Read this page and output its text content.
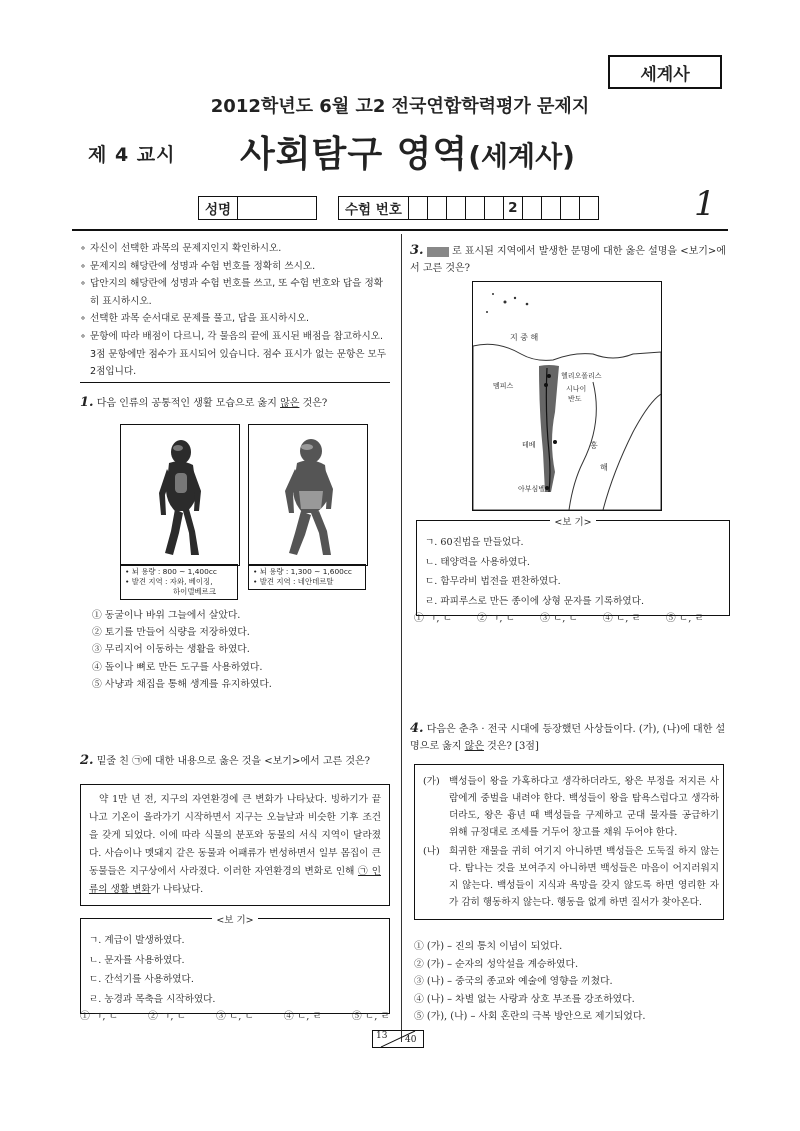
세계사
2012학년도 6월 고2 전국연합학력평가 문제지
제 4 교시 사회탐구 영역(세계사)
성명	수험 번호	2	1
∘ 자신이 선택한 과목의 문제지인지 확인하시오.
∘ 문제지의 해당란에 성명과 수험 번호를 정확히 쓰시오.
∘ 답안지의 해당란에 성명과 수험 번호를 쓰고, 또 수험 번호와 답을 정확히 표시하시오.
∘ 선택한 과목 순서대로 문제를 풀고, 답을 표시하시오.
∘ 문항에 따라 배점이 다르니, 각 물음의 끝에 표시된 배점을 참고하시오. 3점 문항에만 점수가 표시되어 있습니다. 점수 표시가 없는 문항은 모두 2점입니다.
1. 다음 인류의 공통적인 생활 모습으로 옳지 않은 것은?
• 뇌 용량 : 800 ~ 1,400cc
• 발견 지역 : 자와, 베이징,
하이델베르크
• 뇌 용량 : 1,300 ~ 1,600cc
• 발견 지역 : 네안데르탈
① 동굴이나 바위 그늘에서 살았다.
② 토기를 만들어 식량을 저장하였다.
③ 무리지어 이동하는 생활을 하였다.
④ 돌이나 뼈로 만든 도구를 사용하였다.
⑤ 사냥과 채집을 통해 생계를 유지하였다.
2. 밑줄 친 ㉠에 대한 내용으로 옳은 것을 <보기>에서 고른 것은?
약 1만 년 전, 지구의 자연환경에 큰 변화가 나타났다. 빙하기가 끝나고 기온이 올라가기 시작하면서 지구는 오늘날과 비슷한 기후 조건을 갖게 되었다. 이에 따라 식물의 분포와 동물의 서식 지역이 달라졌다. 사슴이나 멧돼지 같은 동물과 어패류가 번성하면서 일부 몸집이 큰 동물들은 지구상에서 사라졌다. 이러한 자연환경의 변화로 인해 ㉠ 인류의 생활 변화가 나타났다.
<보 기>
ㄱ. 계급이 발생하였다.
ㄴ. 문자를 사용하였다.
ㄷ. 간석기를 사용하였다.
ㄹ. 농경과 목축을 시작하였다.
① ㄱ, ㄴ	② ㄱ, ㄷ	③ ㄴ, ㄷ	④ ㄴ, ㄹ	⑤ ㄷ, ㄹ
3.	로 표시된 지역에서 발생한 문명에 대한 옳은 설명을 <보기>에서 고른 것은?
지 중 해
헬리오폴리스
멤피스	시나이
반도
홍
해
테베
아부심벨
<보 기>
ㄱ. 60진법을 만들었다.
ㄴ. 태양력을 사용하였다.
ㄷ. 함무라비 법전을 편찬하였다.
ㄹ. 파피루스로 만든 종이에 상형 문자를 기록하였다.
① ㄱ, ㄴ	② ㄱ, ㄷ	③ ㄴ, ㄷ	④ ㄴ, ㄹ	⑤ ㄷ, ㄹ
4. 다음은 춘추 · 전국 시대에 등장했던 사상들이다. (가), (나)에 대한 설명으로 옳지 않은 것은? [3점]
(가) 백성들이 왕을 가혹하다고 생각하더라도, 왕은 부정을 저지른 사람에게 중벌을 내려야 한다. 백성들이 왕을 탐욕스럽다고 생각하더라도, 왕은 흉년 때 백성들을 구제하고 군대 물자를 공급하기 위해 규정대로 조세를 거두어 창고를 채워 두어야 한다.
(나) 희귀한 재물을 귀히 여기지 아니하면 백성들은 도둑질 하지 않는다. 탐나는 것을 보여주지 아니하면 백성들은 마음이 어지러워지지 않는다. 백성들이 지식과 욕망을 갖지 않도록 하면 영리한 자가 감히 행동하지 않는다. 행동을 없게 하면 질서가 찾아온다.
① (가) – 진의 통치 이념이 되었다.
② (가) – 순자의 성악설을 계승하였다.
③ (나) – 중국의 종교와 예술에 영향을 끼쳤다.
④ (나) – 차별 없는 사랑과 상호 부조를 강조하였다.
⑤ (가), (나) – 사회 혼란의 극복 방안으로 제기되었다.
13 40
